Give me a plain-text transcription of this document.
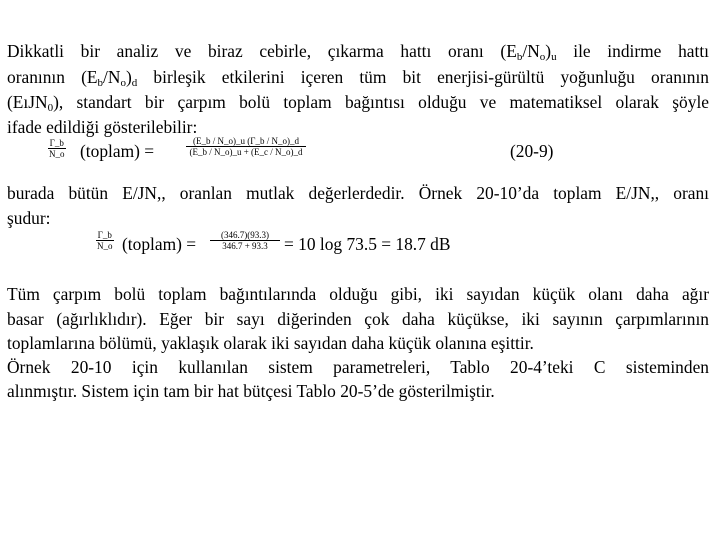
Dikkatli bir analiz ve biraz cebirle, çıkarma hattı oranı $(E_b/N_o)_u$ ile indirme hattı
oranının $(E_b/N_o)_d$ birleşik etkilerini içeren tüm bit enerjisi-gürültü yoğunluğu oranının
(EıJN$_0$), standart bir çarpım bolü toplam bağıntısı olduğu ve matematiksel olarak şöyle
ifade edildiği gösterilebilir:
$\frac{\Gamma\_b}{N\_o}$ (toplam) =	$\frac{(E\_b / N\_o)\_u (\Gamma\_b / N\_o)\_d}{(E\_b / N\_o)\_u + (E\_c / N\_o)\_d}$	(20-9)
burada bütün E/JN,, oranlan mutlak değerlerdedir. Örnek 20-10’da toplam E/JN,, oranı
şudur:
$\frac{\Gamma\_b}{N\_o}$ (toplam) = $\frac{(346.7)(93.3)}{346.7 + 93.3} = 10$ log 73.5 = 18.7 dB
Tüm çarpım bolü toplam bağıntılarında olduğu gibi, iki sayıdan küçük olanı daha ağır
basar (ağırlıklıdır). Eğer bir sayı diğerinden çok daha küçükse, iki sayının çarpımlarının
toplamlarına bölümü, yaklaşık olarak iki sayıdan daha küçük olanına eşittir.
Örnek 20-10 için kullanılan sistem parametreleri, Tablo 20-4’teki C sisteminden
alınmıştır. Sistem için tam bir hat bütçesi Tablo 20-5’de gösterilmiştir.
